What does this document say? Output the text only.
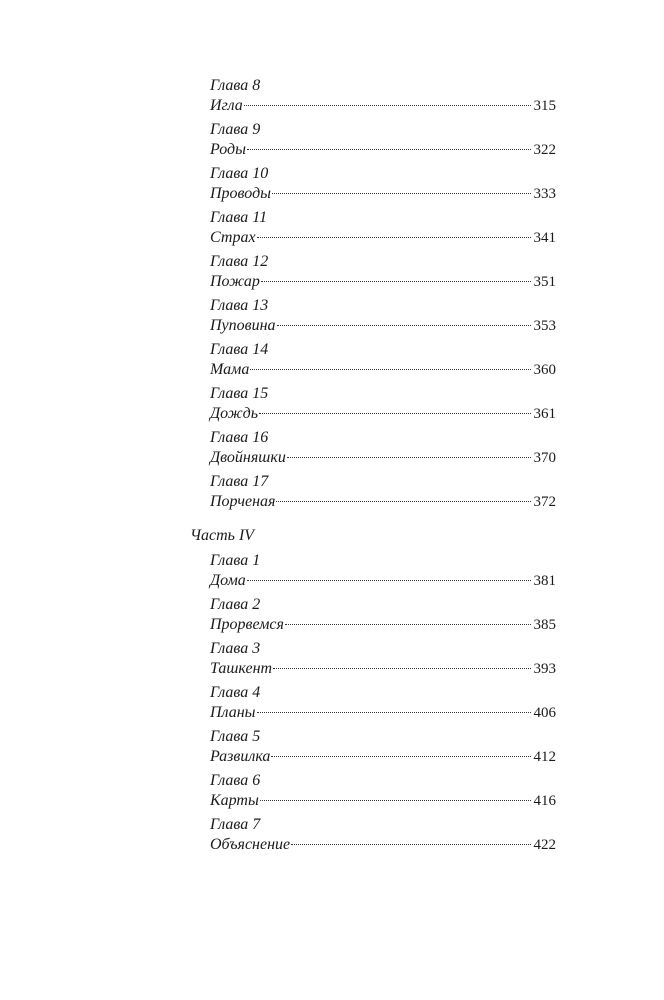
Глава 8
Игла	315
Глава 9
Роды	322
Глава 10
Проводы	333
Глава 11
Страх	341
Глава 12
Пожар	351
Глава 13
Пуповина	353
Глава 14
Мама	360
Глава 15
Дождь	361
Глава 16
Двойняшки	370
Глава 17
Порченая	372
Часть IV
Глава 1
Дома	381
Глава 2
Прорвемся	385
Глава 3
Ташкент	393
Глава 4
Планы	406
Глава 5
Развилка	412
Глава 6
Карты	416
Глава 7
Объяснение	422
